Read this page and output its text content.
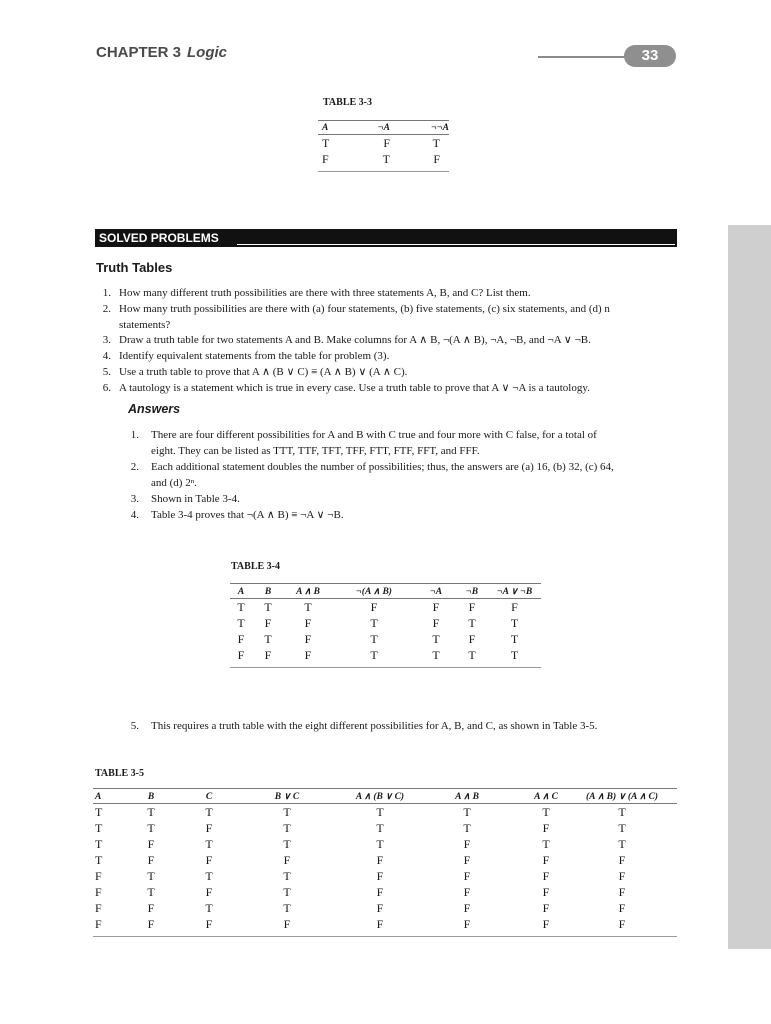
CHAPTER 3 Logic	33
TABLE 3-3
A	¬A	¬¬A
T	F	T
F	T	F
SOLVED PROBLEMS
Truth Tables
1. How many different truth possibilities are there with three statements A, B, and C? List them.
2. How many truth possibilities are there with (a) four statements, (b) five statements, (c) six statements, and (d) n
statements?
3. Draw a truth table for two statements A and B. Make columns for A ∧ B, ¬(A ∧ B), ¬A, ¬B, and ¬A ∨ ¬B.
4. Identify equivalent statements from the table for problem (3).
5. Use a truth table to prove that A ∧ (B ∨ C) ≡ (A ∧ B) ∨ (A ∧ C).
6. A tautology is a statement which is true in every case. Use a truth table to prove that A ∨ ¬A is a tautology.
Answers
1. There are four different possibilities for A and B with C true and four more with C false, for a total of
eight. They can be listed as TTT, TTF, TFT, TFF, FTT, FTF, FFT, and FFF.
2. Each additional statement doubles the number of possibilities; thus, the answers are (a) 16, (b) 32, (c) 64,
and (d) 2ⁿ.
3. Shown in Table 3-4.
4. Table 3-4 proves that ¬(A ∧ B) ≡ ¬A ∨ ¬B.
TABLE 3-4
A	B	A ∧ B	¬(A ∧ B)	¬A	¬B	¬A ∨ ¬B
T	T	T	F	F	F	F
T	F	F	T	F	T	T
F	T	F	T	T	F	T
F	F	F	T	T	T	T
5. This requires a truth table with the eight different possibilities for A, B, and C, as shown in Table 3-5.
TABLE 3-5
A	B	C	B ∨ C	A ∧ (B ∨ C)	A ∧ B	A ∧ C	(A ∧ B) ∨ (A ∧ C)
T	T	T	T	T	T	T	T
T	T	F	T	T	T	F	T
T	F	T	T	T	F	T	T
T	F	F	F	F	F	F	F
F	T	T	T	F	F	F	F
F	T	F	T	F	F	F	F
F	F	T	T	F	F	F	F
F	F	F	F	F	F	F	F
